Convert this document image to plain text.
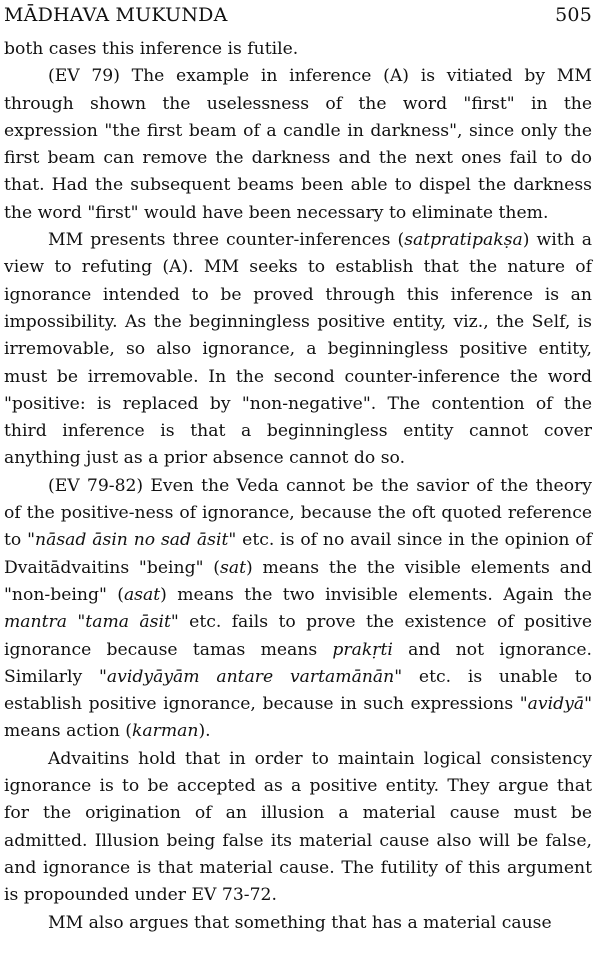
MĀDHAVA MUKUNDA	505

both cases this inference is futile.

(EV 79) The example in inference (A) is vitiated by MM through shown the uselessness of the word "first" in the expression "the first beam of a candle in darkness", since only the first beam can remove the darkness and the next ones fail to do that. Had the subsequent beams been able to dispel the darkness the word "first" would have been necessary to eliminate them.

MM presents three counter-inferences (satpratipakṣa) with a view to refuting (A). MM seeks to establish that the nature of ignorance intended to be proved through this inference is an impossibility. As the beginningless positive entity, viz., the Self, is irremovable, so also ignorance, a beginningless positive entity, must be irremovable. In the second counter-inference the word "positive: is replaced by "non-negative". The contention of the third inference is that a beginningless entity cannot cover anything just as a prior absence cannot do so.

(EV 79-82) Even the Veda cannot be the savior of the theory of the positive-ness of ignorance, because the oft quoted reference to "nāsad āsin no sad āsit" etc. is of no avail since in the opinion of Dvaitādvaitins "being" (sat) means the the visible elements and "non-being" (asat) means the two invisible elements. Again the mantra "tama āsit" etc. fails to prove the existence of positive ignorance because tamas means prakṛti and not ignorance. Similarly "avidyāyām antare vartamānān" etc. is unable to establish positive ignorance, because in such expressions "avidyā" means action (karman).

Advaitins hold that in order to maintain logical consistency ignorance is to be accepted as a positive entity. They argue that for the origination of an illusion a material cause must be admitted. Illusion being false its material cause also will be false, and ignorance is that material cause. The futility of this argument is propounded under EV 73-72.

MM also argues that something that has a material cause
